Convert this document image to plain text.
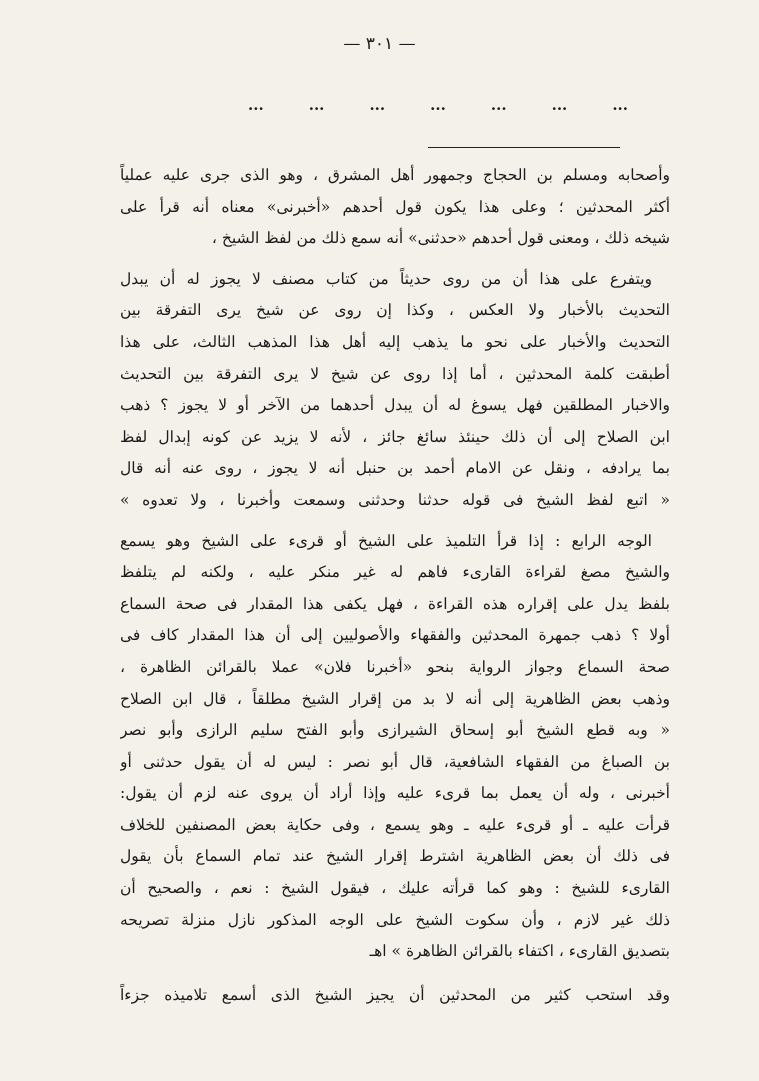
— ٣٠١ —
...	...	...	...	...	...	...
وأصحابه ومسلم بن الحجاج وجمهور أهل المشرق ، وهو الذى جرى عليه عملياً
أكثر المحدثين ؛ وعلى هذا يكون قول أحدهم «أخبرنى» معناه أنه قرأ على
شيخه ذلك ، ومعنى قول أحدهم «حدثنى» أنه سمع ذلك من لفظ الشيخ ،
ويتفرع على هذا أن من روى حديثاً من كتاب مصنف لا يجوز له أن يبدل
التحديث بالأخبار ولا العكس ، وكذا إن روى عن شيخ يرى التفرقة بين
التحديث والأخبار على نحو ما يذهب إليه أهل هذا المذهب الثالث، على هذا
أطبقت كلمة المحدثين ، أما إذا روى عن شيخ لا يرى التفرقة بين التحديث
والاخبار المطلقين فهل يسوغ له أن يبدل أحدهما من الآخر أو لا يجوز ؟ ذهب
ابن الصلاح إلى أن ذلك حينئذ سائغ جائز ، لأنه لا يزيد عن كونه إبدال لفظ
بما يرادفه ، ونقل عن الامام أحمد بن حنبل أنه لا يجوز ، روى عنه أنه قال
« اتبع لفظ الشيخ فى قوله حدثنا وحدثنى وسمعت وأخبرنا ، ولا تعدوه »
الوجه الرابع : إذا قرأ التلميذ على الشيخ أو قرىء على الشيخ وهو يسمع
والشيخ مصغ لقراءة القارىء فاهم له غير منكر عليه ، ولكنه لم يتلفظ
بلفظ يدل على إقراره هذه القراءة ، فهل يكفى هذا المقدار فى صحة السماع
أولا ؟ ذهب جمهرة المحدثين والفقهاء والأصوليين إلى أن هذا المقدار كاف فى
صحة السماع وجواز الرواية بنحو «أخبرنا فلان» عملا بالقرائن الظاهرة ،
وذهب بعض الظاهرية إلى أنه لا بد من إقرار الشيخ مطلقاً ، قال ابن الصلاح
« وبه قطع الشيخ أبو إسحاق الشيرازى وأبو الفتح سليم الرازى وأبو نصر
بن الصباغ من الفقهاء الشافعية، قال أبو نصر : ليس له أن يقول حدثنى أو
أخبرنى ، وله أن يعمل بما قرىء عليه وإذا أراد أن يروى عنه لزم أن يقول:
قرأت عليه ـ أو قرىء عليه ـ وهو يسمع ، وفى حكاية بعض المصنفين للخلاف
فى ذلك أن بعض الظاهرية اشترط إقرار الشيخ عند تمام السماع بأن يقول
القارىء للشيخ : وهو كما قرأته عليك ، فيقول الشيخ : نعم ، والصحيح أن
ذلك غير لازم ، وأن سكوت الشيخ على الوجه المذكور نازل منزلة تصريحه
بتصديق القارىء ، اكتفاء بالقرائن الظاهرة » اهـ
وقد استحب كثير من المحدثين أن يجيز الشيخ الذى أسمع تلاميذه جزءاً
